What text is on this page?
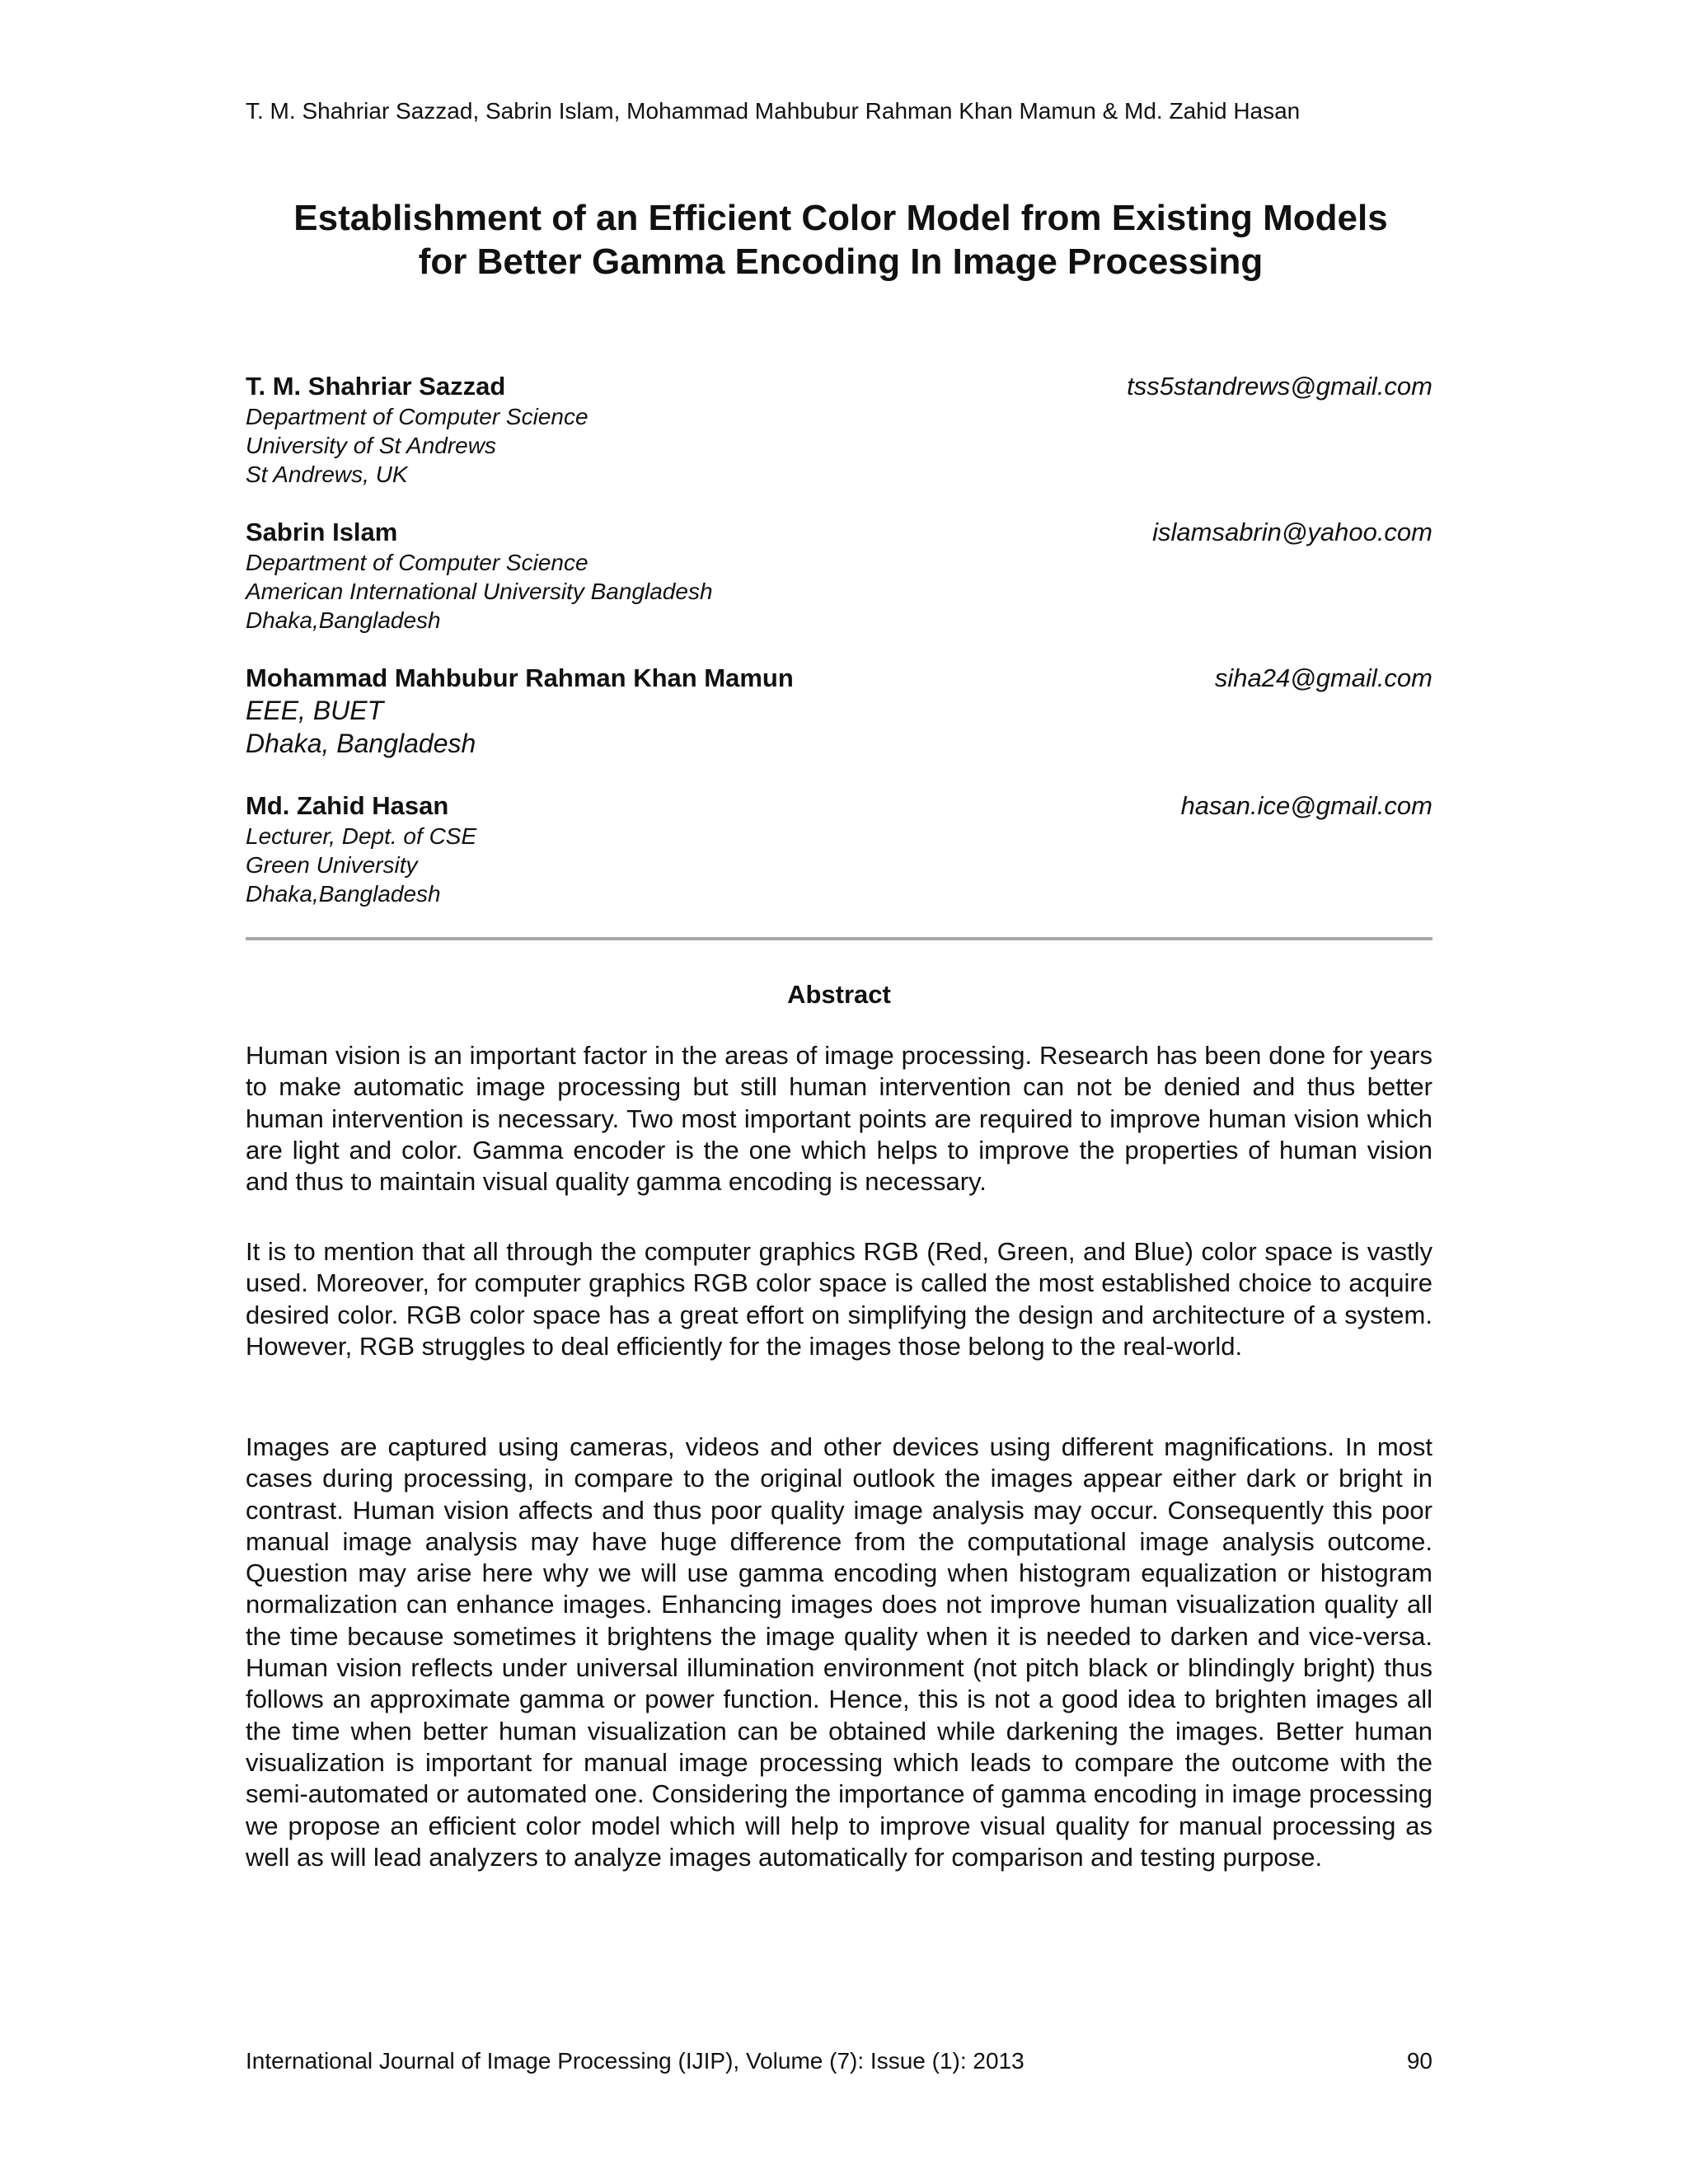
T. M. Shahriar Sazzad, Sabrin Islam, Mohammad Mahbubur Rahman Khan Mamun & Md. Zahid Hasan
Establishment of an Efficient Color Model from Existing Models
for Better Gamma Encoding In Image Processing
T. M. Shahriar Sazzad	tss5standrews@gmail.com
Department of Computer Science
University of St Andrews
St Andrews, UK
Sabrin Islam	islamsabrin@yahoo.com
Department of Computer Science
American International University Bangladesh
Dhaka,Bangladesh
Mohammad Mahbubur Rahman Khan Mamun	siha24@gmail.com
EEE, BUET
Dhaka, Bangladesh
Md. Zahid Hasan	hasan.ice@gmail.com
Lecturer, Dept. of CSE
Green University
Dhaka,Bangladesh
Abstract

Human vision is an important factor in the areas of image processing. Research has been done for years to make automatic image processing but still human intervention can not be denied and thus better human intervention is necessary. Two most important points are required to improve human vision which are light and color. Gamma encoder is the one which helps to improve the properties of human vision and thus to maintain visual quality gamma encoding is necessary.

It is to mention that all through the computer graphics RGB (Red, Green, and Blue) color space is vastly used. Moreover, for computer graphics RGB color space is called the most established choice to acquire desired color. RGB color space has a great effort on simplifying the design and architecture of a system. However, RGB struggles to deal efficiently for the images those belong to the real-world.

Images are captured using cameras, videos and other devices using different magnifications. In most cases during processing, in compare to the original outlook the images appear either dark or bright in contrast. Human vision affects and thus poor quality image analysis may occur. Consequently this poor manual image analysis may have huge difference from the computational image analysis outcome. Question may arise here why we will use gamma encoding when histogram equalization or histogram normalization can enhance images. Enhancing images does not improve human visualization quality all the time because sometimes it brightens the image quality when it is needed to darken and vice-versa. Human vision reflects under universal illumination environment (not pitch black or blindingly bright) thus follows an approximate gamma or power function. Hence, this is not a good idea to brighten images all the time when better human visualization can be obtained while darkening the images. Better human visualization is important for manual image processing which leads to compare the outcome with the semi-automated or automated one. Considering the importance of gamma encoding in image processing we propose an efficient color model which will help to improve visual quality for manual processing as well as will lead analyzers to analyze images automatically for comparison and testing purpose.

International Journal of Image Processing (IJIP), Volume (7): Issue (1): 2013	90
